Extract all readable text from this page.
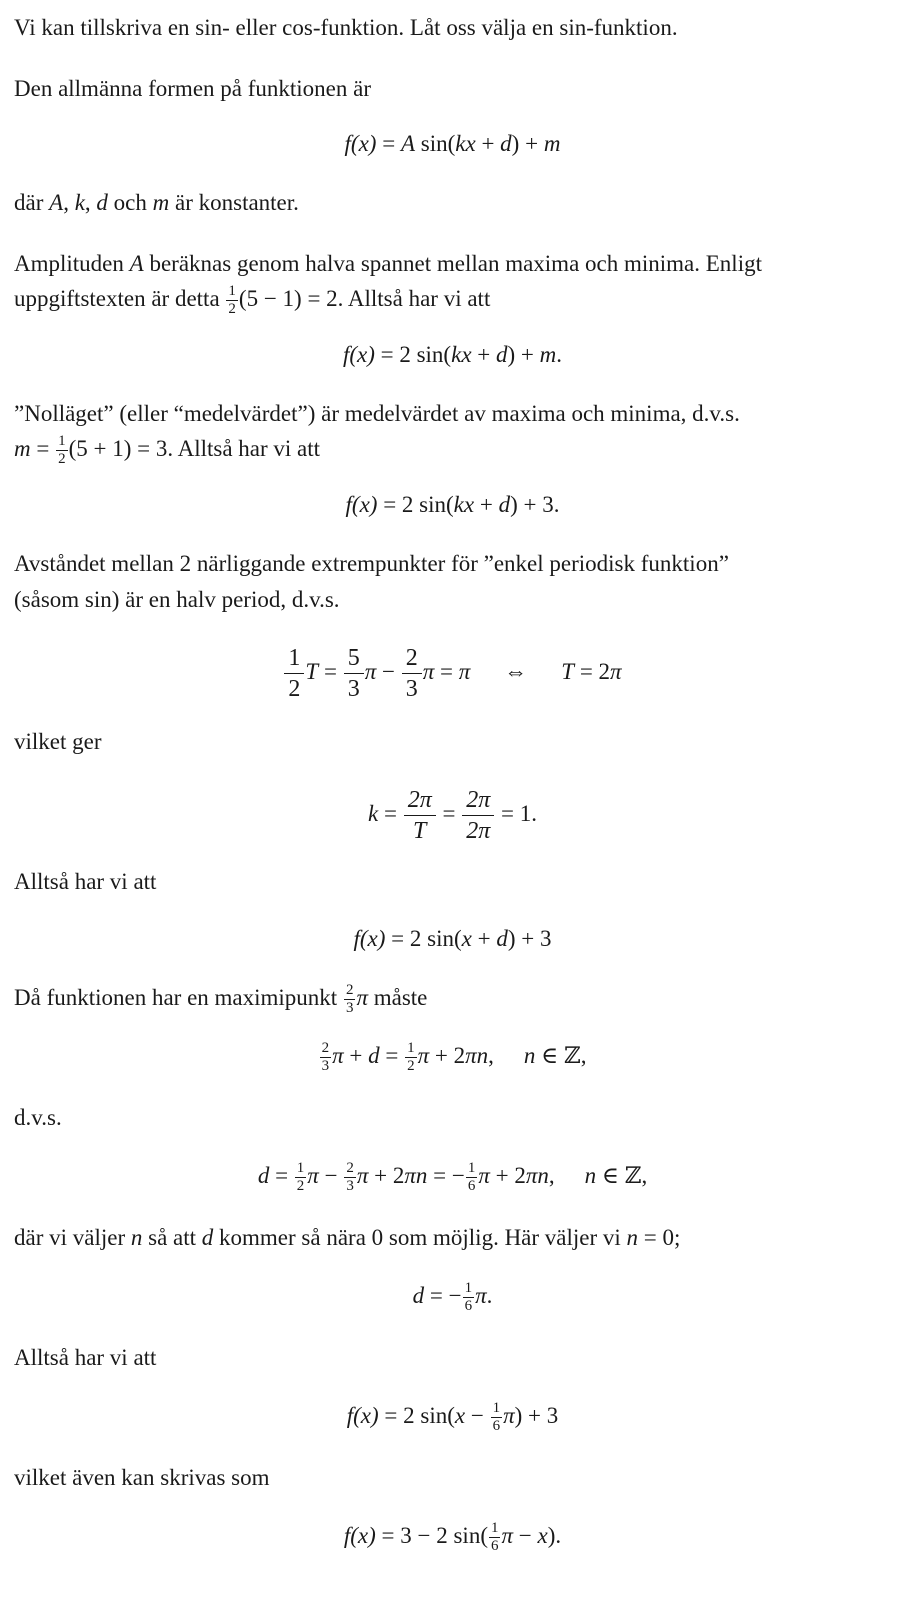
Vi kan tillskriva en sin- eller cos-funktion. Låt oss välja en sin-funktion.
Den allmänna formen på funktionen är
f(x) = A sin(kx + d) + m
där A, k, d och m är konstanter.
Amplituden A beräknas genom halva spannet mellan maxima och minima. Enligt
uppgiftstexten är detta $\frac{1}{2} (5 - 1) = 2$. Alltså har vi att
f(x) = 2 sin(kx + d) + m.
”Nolläget” (eller “medelvärdet”) är medelvärdet av maxima och minima, d.v.s.
$m = \frac{1}{2} (5 + 1) = 3$. Alltså har vi att
f(x) = 2 sin(kx + d) + 3.
Avståndet mellan 2 närliggande extrempunkter för ”enkel periodisk funktion”
(såsom sin) är en halv period, d.v.s.
$\frac{1}{2}$ $T = \frac{5}{3}$ $\pi - \frac{2}{3}$ π = π ⇔ T = 2π
vilket ger
$k = \frac{2\pi}{T} = \frac{2\pi}{2\pi} = 1$.
Alltså har vi att
f(x) = 2 sin(x + d) + 3
Då funktionen har en maximipunkt $\frac{2}{3}$ π måste
$\frac{2}{3}$ $\pi + d = \frac{1}{2}$ π + 2πn, n ∈ ℤ,
d.v.s.
$d = \frac{1}{2}$ $\pi - \frac{2}{3}$ π + 2πn = − $\frac{1}{6}$ π + 2πn, n ∈ ℤ,
där vi väljer n så att d kommer så nära 0 som möjlig. Här väljer vi n = 0;
d = − $\frac{1}{6} \pi$.
Alltså har vi att
f(x) = 2 $\sin(x - \frac{1}{6} \pi) + 3$
vilket även kan skrivas som
f(x) = 3 − 2 $\sin( \frac{1}{6}$ π − x).
